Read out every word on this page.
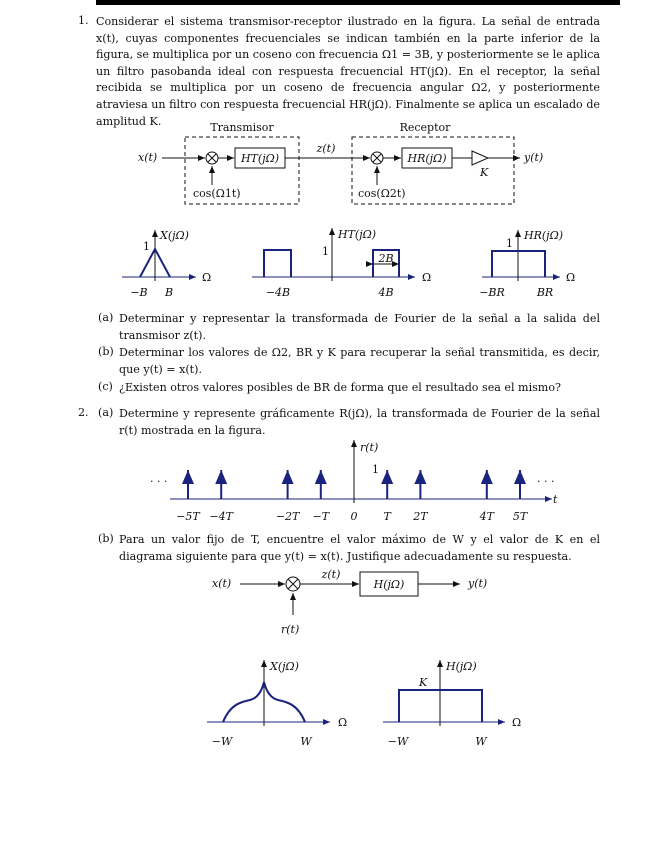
1. Considerar el sistema transmisor-receptor ilustrado en la figura. La señal de entrada x(t), cuyas componentes frecuenciales se indican también en la parte inferior de la figura, se multiplica por un coseno con frecuencia Ω1 = 3B, y posteriormente se le aplica un filtro pasobanda ideal con respuesta frecuencial HT(jΩ). En el receptor, la señal recibida se multiplica por un coseno de frecuencia angular Ω2, y posteriormente atraviesa un filtro con respuesta frecuencial HR(jΩ). Finalmente se aplica un escalado de amplitud K.	Transmisor	Receptor
x(t)	HT(jΩ)
z(t)
HR(jΩ)
K
y(t)
cos(Ω1t)	cos(Ω2t)
X(jΩ)
1
Ω
−B B
2B
HT(jΩ)
1
Ω
−4B	4B
HR(jΩ)
1
Ω
−BR	BR
r(t)
1
t
· · ·	· · ·
−5T −4T	−2T −T 0 T 2T	4T 5T
x(t)
z(t)
H(jΩ)	y(t)
r(t)
X(jΩ)
Ω
−W	W
H(jΩ)
K
Ω
−W	W
(a) Determinar y representar la transformada de Fourier de la señal a la salida del transmisor z(t).
(b) Determinar los valores de Ω2, BR y K para recuperar la señal transmitida, es decir, que y(t) = x(t).
(c) ¿Existen otros valores posibles de BR de forma que el resultado sea el mismo?
2. (a) Determine y represente gráficamente R(jΩ), la transformada de Fourier de la señal r(t) mostrada en la figura.
(b) Para un valor fijo de T, encuentre el valor máximo de W y el valor de K en el diagrama siguiente para que y(t) = x(t). Justifique adecuadamente su respuesta.
